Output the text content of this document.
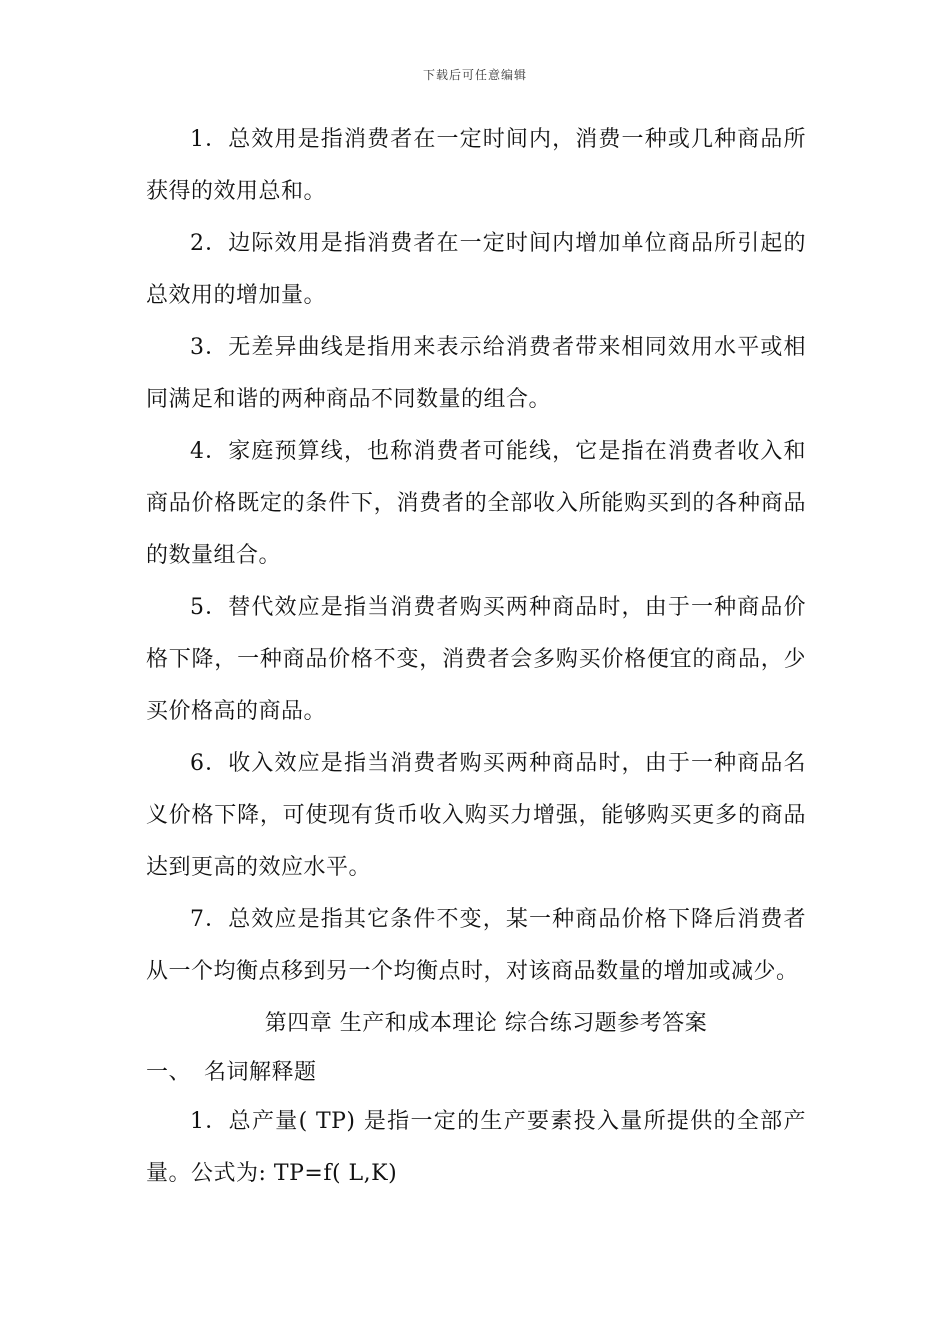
下载后可任意编辑

1．总效用是指消费者在一定时间内，消费一种或几种商品所获得的效用总和。

2．边际效用是指消费者在一定时间内增加单位商品所引起的总效用的增加量。

3．无差异曲线是指用来表示给消费者带来相同效用水平或相同满足和谐的两种商品不同数量的组合。

4．家庭预算线，也称消费者可能线，它是指在消费者收入和商品价格既定的条件下，消费者的全部收入所能购买到的各种商品的数量组合。

5．替代效应是指当消费者购买两种商品时，由于一种商品价格下降，一种商品价格不变，消费者会多购买价格便宜的商品，少买价格高的商品。

6．收入效应是指当消费者购买两种商品时，由于一种商品名义价格下降，可使现有货币收入购买力增强，能够购买更多的商品达到更高的效应水平。

7．总效应是指其它条件不变，某一种商品价格下降后消费者从一个均衡点移到另一个均衡点时，对该商品数量的增加或减少。

第四章 生产和成本理论 综合练习题参考答案

一、 名词解释题

1．总产量( TP) 是指一定的生产要素投入量所提供的全部产量。公式为: TP=f( L,K)
